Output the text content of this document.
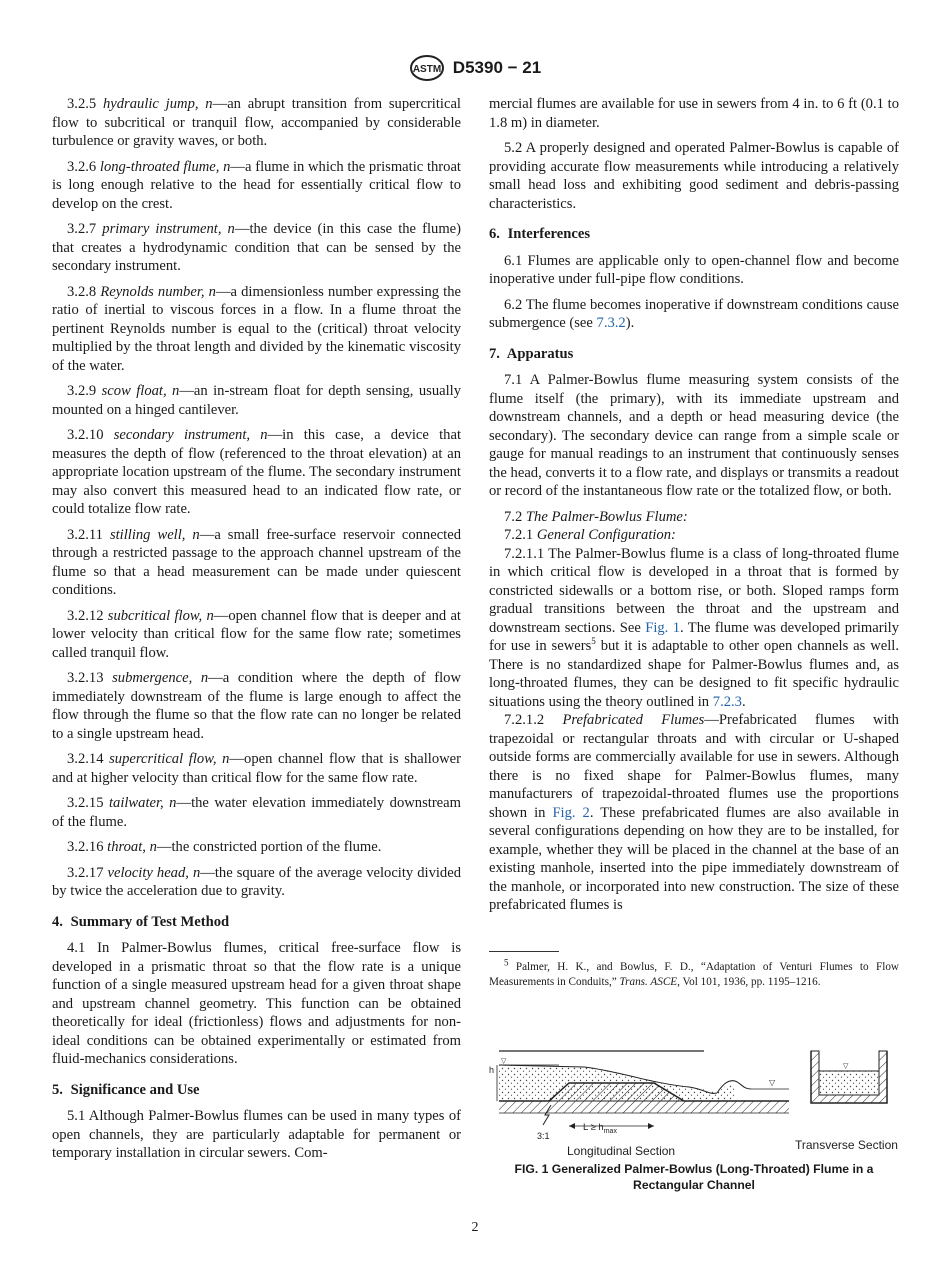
ASTM D5390 − 21

3.2.5 hydraulic jump, n—an abrupt transition from supercritical flow to subcritical or tranquil flow, accompanied by considerable turbulence or gravity waves, or both.

3.2.6 long-throated flume, n—a flume in which the prismatic throat is long enough relative to the head for essentially critical flow to develop on the crest.

3.2.7 primary instrument, n—the device (in this case the flume) that creates a hydrodynamic condition that can be sensed by the secondary instrument.

3.2.8 Reynolds number, n—a dimensionless number expressing the ratio of inertial to viscous forces in a flow. In a flume throat the pertinent Reynolds number is equal to the (critical) throat velocity multiplied by the throat length and divided by the kinematic viscosity of the water.

3.2.9 scow float, n—an in-stream float for depth sensing, usually mounted on a hinged cantilever.

3.2.10 secondary instrument, n—in this case, a device that measures the depth of flow (referenced to the throat elevation) at an appropriate location upstream of the flume. The secondary instrument may also convert this measured head to an indicated flow rate, or could totalize flow rate.

3.2.11 stilling well, n—a small free-surface reservoir connected through a restricted passage to the approach channel upstream of the flume so that a head measurement can be made under quiescent conditions.

3.2.12 subcritical flow, n—open channel flow that is deeper and at lower velocity than critical flow for the same flow rate; sometimes called tranquil flow.

3.2.13 submergence, n—a condition where the depth of flow immediately downstream of the flume is large enough to affect the flow through the flume so that the flow rate can no longer be related to a single upstream head.

3.2.14 supercritical flow, n—open channel flow that is shallower and at higher velocity than critical flow for the same flow rate.

3.2.15 tailwater, n—the water elevation immediately downstream of the flume.

3.2.16 throat, n—the constricted portion of the flume.

3.2.17 velocity head, n—the square of the average velocity divided by twice the acceleration due to gravity.

4. Summary of Test Method

4.1 In Palmer-Bowlus flumes, critical free-surface flow is developed in a prismatic throat so that the flow rate is a unique function of a single measured upstream head for a given throat shape and upstream channel geometry. This function can be obtained theoretically for ideal (frictionless) flows and adjustments for non-ideal conditions can be obtained experimentally or estimated from fluid-mechanics considerations.

5. Significance and Use

5.1 Although Palmer-Bowlus flumes can be used in many types of open channels, they are particularly adaptable for permanent or temporary installation in circular sewers. Com-

mercial flumes are available for use in sewers from 4 in. to 6 ft (0.1 to 1.8 m) in diameter.

5.2 A properly designed and operated Palmer-Bowlus is capable of providing accurate flow measurements while introducing a relatively small head loss and exhibiting good sediment and debris-passing characteristics.

6. Interferences

6.1 Flumes are applicable only to open-channel flow and become inoperative under full-pipe flow conditions.

6.2 The flume becomes inoperative if downstream conditions cause submergence (see 7.3.2).

7. Apparatus

7.1 A Palmer-Bowlus flume measuring system consists of the flume itself (the primary), with its immediate upstream and downstream channels, and a depth or head measuring device (the secondary). The secondary device can range from a simple scale or gauge for manual readings to an instrument that continuously senses the head, converts it to a flow rate, and displays or transmits a readout or record of the instantaneous flow rate or the totalized flow, or both.

7.2 The Palmer-Bowlus Flume:

7.2.1 General Configuration:

7.2.1.1 The Palmer-Bowlus flume is a class of long-throated flume in which critical flow is developed in a throat that is formed by constricted sidewalls or a bottom rise, or both. Sloped ramps form gradual transitions between the throat and the upstream and downstream sections. See Fig. 1. The flume was developed primarily for use in sewers$^5$ but it is adaptable to other open channels as well. There is no standardized shape for Palmer-Bowlus flumes and, as long-throated flumes, they can be designed to fit specific hydraulic situations using the theory outlined in 7.2.3.

7.2.1.2 Prefabricated Flumes—Prefabricated flumes with trapezoidal or rectangular throats and with circular or U-shaped outside forms are commercially available for use in sewers. Although there is no fixed shape for Palmer-Bowlus flumes, many manufacturers of trapezoidal-throated flumes use the proportions shown in Fig. 2. These prefabricated flumes are also available in several configurations depending on how they are to be installed, for example, whether they will be placed in the channel at the base of an existing manhole, inserted into the pipe immediately downstream of the manhole, or incorporated into new construction. The size of these prefabricated flumes is

$^5$ Palmer, H. K., and Bowlus, F. D., “Adaptation of Venturi Flumes to Flow Measurements in Conduits,” Trans. ASCE, Vol 101, 1936, pp. 1195–1216.

▽
h
▽
$L \ge h_{max}$
3:1
Longitudinal Section
▽
Transverse Section
FIG. 1 Generalized Palmer-Bowlus (Long-Throated) Flume in a
Rectangular Channel
2
